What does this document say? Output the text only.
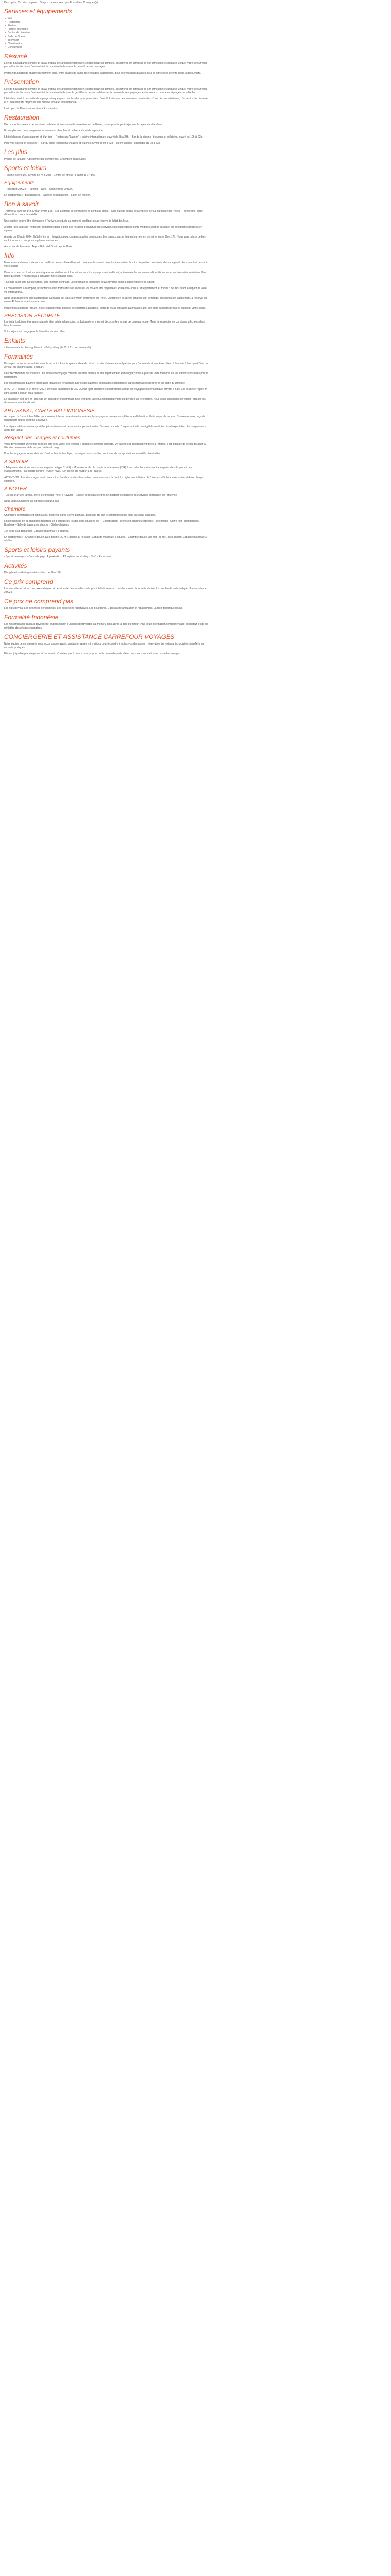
Description Ce prix comprend : 5 à prix ne comprend pas Formalités Consignes(s)

Services et équipements
• Wifi
• Restaurant
• Piscine
• Piscine extérieure
• Centre de bien-être
• Salle de fitness
• Télévision
• Climatisation
• Conciergerie
Résumé

L'île de Bali apparaît comme un joyau tropical de l'archipel indonésien, célèbre pour ses temples, ses rizières en terrasses et son atmosphère spirituelle unique. Votre séjour vous permettra de découvrir l'authenticité de la culture balinaise et la beauté de ses paysages.

Profitez d'un hôtel de charme idéalement situé, entre plages de sable fin et villages traditionnels, pour des vacances placées sous le signe de la détente et de la découverte.

Présentation

L'île de Bali apparaît comme un joyau tropical de l'archipel indonésien, célèbre pour ses temples, ses rizières en terrasses et son atmosphère spirituelle unique. Votre séjour vous permettra de découvrir l'authenticité de la culture balinaise, la gentillesse de ses habitants et la beauté de ses paysages, entre volcans, cascades et plages de sable fin.

L'hôtel est situé à proximité de la plage et à quelques minutes des principaux sites d'intérêt. Il dispose de chambres confortables, d'une piscine extérieure, d'un centre de bien-être et d'un restaurant proposant une cuisine locale et internationale.

L'aéroport de Denpasar se situe à 9 km environ.

Restauration

Découvrez les saveurs de la cuisine balinaise et internationale au restaurant de l'hôtel, ouvert pour le petit-déjeuner, le déjeuner et le dîner.

En supplément, nous proposons le service en chambre et un bar au bord de la piscine.

L'hôtel dispose d'un restaurant et d'un bar : - Restaurant "Lagoon" : cuisine internationale, ouvert de 7h à 23h. - Bar de la piscine : boissons et collations, ouvert de 10h à 22h.

Pour vos soirées et boissons : - Bar du lobby : boissons chaudes et fraîches ouvert de 9h à 23h. - Room service : disponible de 7h à 22h.

Les plus

Proche de la plage. A proximité des commerces. Chambres spacieuses.

Sports et loisirs

- Piscine extérieure, ouverte de 7h à 20h. - Centre de fitness (à partir de 17 ans).

Équipements

- Réception 24h/24. - Parking. - Wi-fi. - Conciergerie 24h/24.

En supplément : - Blanchisserie. - Service de bagagerie. - Salon de réunion.

Bon à savoir

- Arrivée à partir de 14h. Départ avant 12h. - Les animaux de compagnie ne sont pas admis. - Des frais de séjour peuvent être perçus sur place par l'hôtel. - Prévoir une pièce d'identité en cours de validité.

Une caution pourra être demandée à l'arrivée, restituée au moment du départ sous réserve de l'état des lieux.

A noter : les taxes de l'hôtel sont comprises dans le prix. Les horaires d'ouverture des services sont susceptibles d'être modifiés selon la saison et les conditions sanitaires en vigueur.

A partir du 29 août 2024, l'hôtel entre en rénovation pour certaines parties communes. Les travaux auront lieu en journée, en semaine, entre 9h et 17h. Nous vous prions de bien vouloir nous excuser pour la gêne occasionnée.

Aucun vol de France en Airport Bali. Vol Direct depuis Paris.

Info

Nous sommes heureux de vous accueillir et de vous faire découvrir notre établissement. Nos équipes restent à votre disposition pour toute demande particulière avant et pendant votre séjour.

Dans tous les cas, il est important que vous vérifiiez les informations de votre voyage avant le départ, notamment les documents d'identité requis et les formalités sanitaires. Pour toute question, n'hésitez pas à contacter notre service client.

Tous nos tarifs sont par personne, sauf mention contraire. Les prestations indiquées peuvent varier selon la disponibilité et la saison.

La conversation à l'aéroport, les horaires et les formalités à la sortie du vol doivent être respectées. Présentez-vous à l'enregistrement au moins 3 heures avant le départ de votre vol international.

Nous vous rappelons que l'aéroport de Denpasar est situé à environ 30 minutes de l'hôtel. Un transfert peut être organisé sur demande, moyennant un supplément, à réserver au moins 48 heures avant votre arrivée.

Personnes à mobilité réduite : notre établissement dispose de chambres adaptées. Merci de nous contacter au préalable afin que nous puissions préparer au mieux votre séjour.

PRÉCISION SÉCURITÉ

Les enfants doivent être accompagnés d'un adulte à la piscine. La baignade en mer est déconseillée en cas de drapeau rouge. Merci de respecter les consignes affichées dans l'établissement.

Votre séjour est conçu pour le bien-être de tous. Merci.

Enfants

- Piscine enfants. En supplément : - Baby-sitting (de 7h à 21h sur demande).

Formalités

Passeport en cours de validité, valable au moins 6 mois après la date de retour. Un visa d'entrée est obligatoire pour l'Indonésie et peut être obtenu à l'arrivée à l'aéroport (Visa on Arrival) ou en ligne avant le départ.

Il est recommandé de souscrire une assurance voyage couvrant les frais médicaux et le rapatriement. Renseignez-vous auprès de votre médecin sur les vaccins conseillés pour la destination.

Les ressortissants d'autres nationalités doivent se renseigner auprès des autorités consulaires compétentes sur les formalités d'entrée et de sortie du territoire.

A NOTER : depuis le 14 février 2024, une taxe touristique de 150 000 IDR par personne est demandée à tous les voyageurs internationaux arrivant à Bali. Elle peut être réglée en ligne avant le départ ou à l'arrivée.

Le passeport doit être en bon état. Un passeport endommagé peut entraîner un refus d'embarquement ou d'entrée sur le territoire. Nous vous conseillons de vérifier l'état de vos documents avant le départ.

ARTISANAT, CARTE BALI INDONÉSIE

A compter du 1er octobre 2024, pour toute entrée sur le territoire indonésien, les voyageurs doivent compléter une déclaration électronique de douane. Conservez votre reçu de déclaration pour le contrôle à l'arrivée.

Les règles relatives au transport d'objets artisanaux et de souvenirs peuvent varier. Certains produits d'origine animale ou végétale sont interdits à l'exportation. Renseignez-vous avant tout achat.

Respect des usages et coutumes

Vous devez porter une tenue correcte lors de la visite des temples : épaules et genoux couverts. Un sarong est généralement prêté à l'entrée. Il est d'usage de ne pas toucher la tête des personnes et de ne pas pointer du doigt.

Pour les voyageurs se rendant sur d'autres îles de l'archipel, renseignez-vous sur les conditions de transport et les formalités éventuelles.

A SAVOIR

- Adaptateur électrique recommandé (prise de type C et F). - Monnaie locale : la roupie indonésienne (IDR). Les cartes bancaires sont acceptées dans la plupart des établissements. - Décalage horaire : +6h en hiver, +7h en été par rapport à la France.

ATTENTION : Tout dommage causé dans votre chambre ou dans les parties communes sera facturé. Le règlement intérieur de l'hôtel est affiché à la réception et dans chaque chambre.

A NOTER

- En cas d'arrivée tardive, merci de prévenir l'hôtel à l'avance. - L'hôtel se réserve le droit de modifier les horaires des services en fonction de l'affluence.

Nous vous souhaitons un agréable séjour à Bali.

Chambre

Chambres confortables et lumineuses, décorées dans le style balinais, disposant de tout le confort moderne pour un séjour agréable.

L'hôtel dispose de 48 chambres réparties en 3 catégories. Toutes sont équipées de : - Climatisation - Télévision (chaînes satellites) - Téléphone - Coffre-fort - Réfrigérateur - Bouilloire - Salle de bains avec douche - Sèche-cheveux

1 lit bébé (sur demande). Capacité maximale : 3 adultes.

En supplément : - Chambre deluxe avec piscine (20 m²), balcon ou terrasse. Capacité maximale 3 adultes. - Chambre deluxe vue mer (25 m²), avec balcon. Capacité maximale 3 adultes.

Sports et loisirs payants

- Spa et massages. - Cours de yoga. A proximité : - Plongée et snorkeling. - Surf. - Excursions.

Activités

Plongée et snorkeling (certains sites, de 7h à 17h).

Ce prix comprend

Les vols aller et retour. Les taxes aéroport et de sécurité. Les transferts aéroport / hôtel / aéroport. Le séjour selon la formule choisie. Le nombre de nuits indiqué. Une assistance 24h/24.

Ce prix ne comprend pas

Les frais de visa. Les dépenses personnelles. Les excursions facultatives. Les pourboires. L'assurance annulation et rapatriement. La taxe touristique locale.

Formalité Indonésie

Les ressortissants français doivent être en possession d'un passeport valable au moins 6 mois après la date de retour. Pour toute information complémentaire, consultez le site du ministère des Affaires étrangères.

CONCIERGERIE ET ASSISTANCE CARREFOUR VOYAGES

Notre équipe de conciergerie vous accompagne avant, pendant et après votre séjour pour répondre à toutes vos demandes : réservation de restaurants, activités, transferts ou conseils pratiques.

Elle est joignable par téléphone et par e-mail. N'hésitez pas à nous contacter pour toute demande particulière. Nous vous souhaitons un excellent voyage.
